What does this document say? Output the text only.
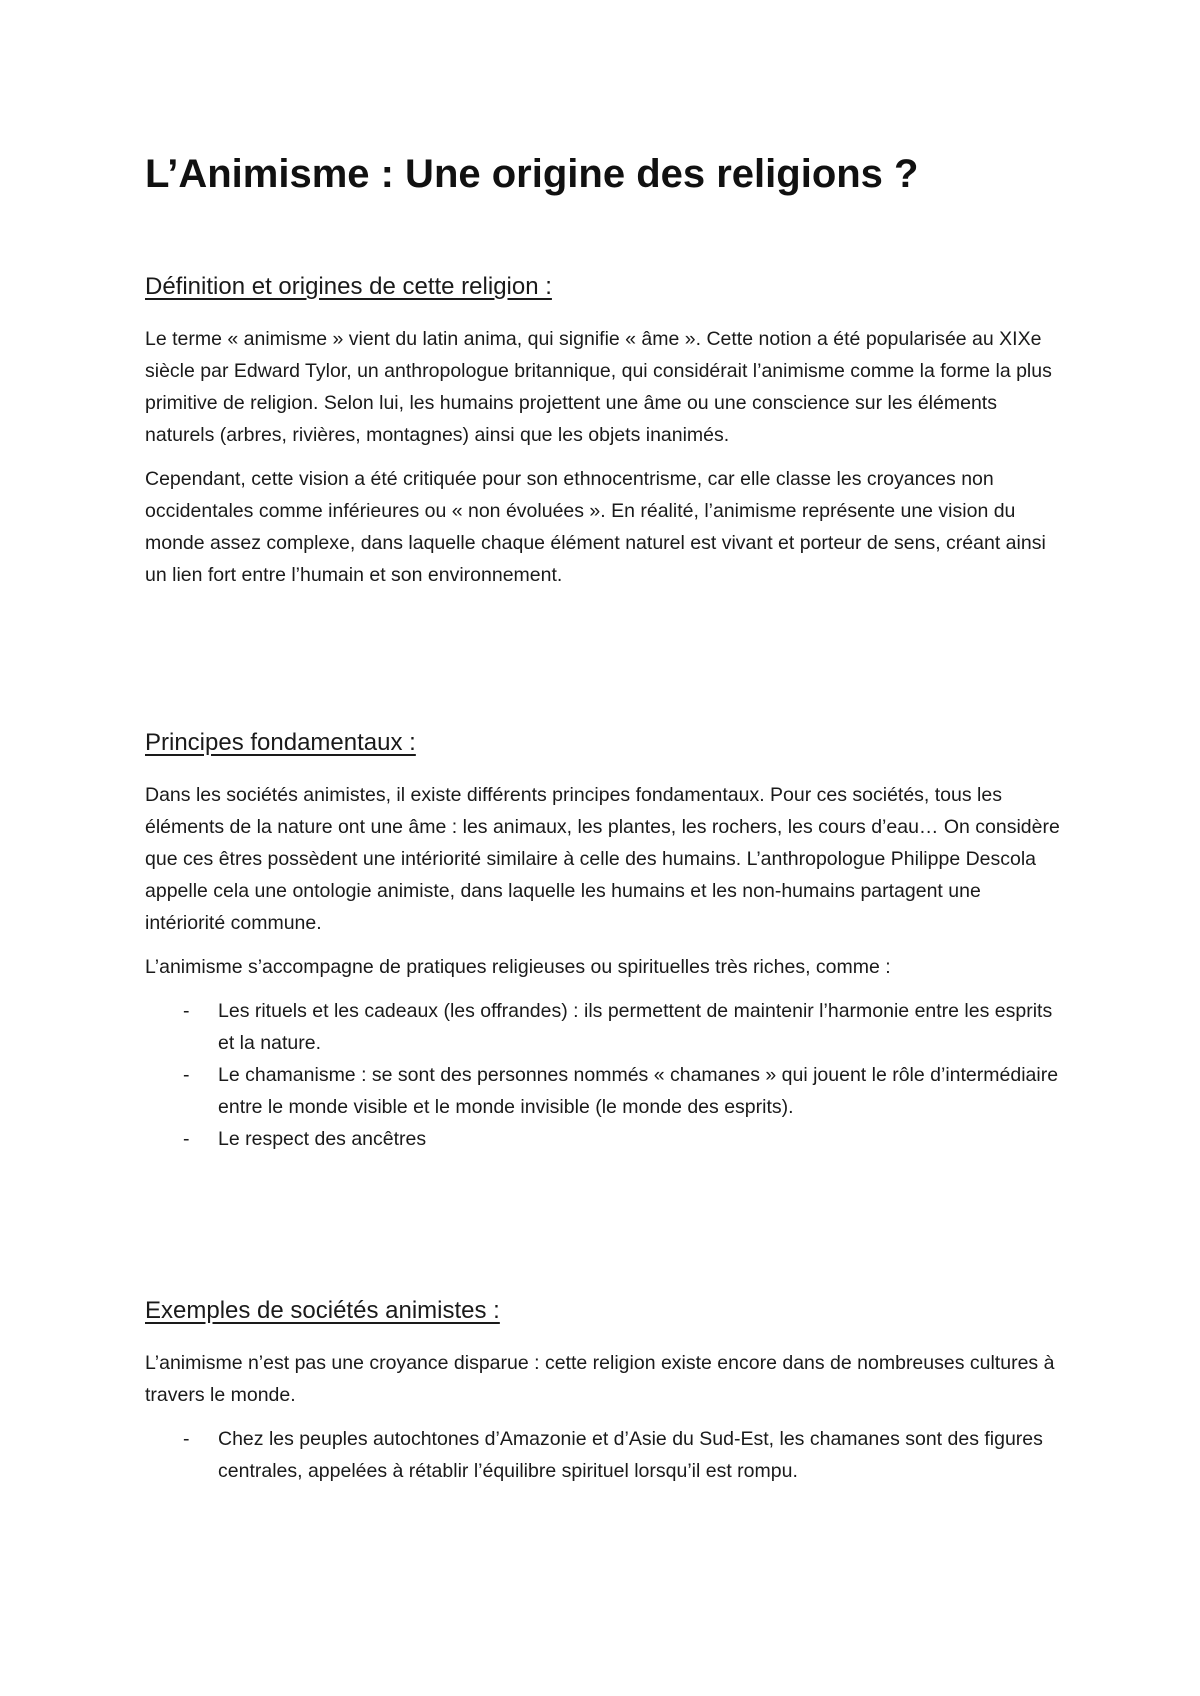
L’Animisme : Une origine des religions ?
Définition et origines de cette religion :

Le terme « animisme » vient du latin anima, qui signifie « âme ». Cette notion a été popularisée au XIXe siècle par Edward Tylor, un anthropologue britannique, qui considérait l’animisme comme la forme la plus primitive de religion. Selon lui, les humains projettent une âme ou une conscience sur les éléments naturels (arbres, rivières, montagnes) ainsi que les objets inanimés.

Cependant, cette vision a été critiquée pour son ethnocentrisme, car elle classe les croyances non occidentales comme inférieures ou « non évoluées ». En réalité, l’animisme représente une vision du monde assez complexe, dans laquelle chaque élément naturel est vivant et porteur de sens, créant ainsi un lien fort entre l’humain et son environnement.

Principes fondamentaux :

Dans les sociétés animistes, il existe différents principes fondamentaux. Pour ces sociétés, tous les éléments de la nature ont une âme : les animaux, les plantes, les rochers, les cours d’eau… On considère que ces êtres possèdent une intériorité similaire à celle des humains. L’anthropologue Philippe Descola appelle cela une ontologie animiste, dans laquelle les humains et les non-humains partagent une intériorité commune.

L’animisme s’accompagne de pratiques religieuses ou spirituelles très riches, comme :

- Les rituels et les cadeaux (les offrandes) : ils permettent de maintenir l’harmonie entre les esprits et la nature.
- Le chamanisme : se sont des personnes nommés « chamanes » qui jouent le rôle d’intermédiaire entre le monde visible et le monde invisible (le monde des esprits).
- Le respect des ancêtres
Exemples de sociétés animistes :

L’animisme n’est pas une croyance disparue : cette religion existe encore dans de nombreuses cultures à travers le monde.

- Chez les peuples autochtones d’Amazonie et d’Asie du Sud-Est, les chamanes sont des figures centrales, appelées à rétablir l’équilibre spirituel lorsqu’il est rompu.
